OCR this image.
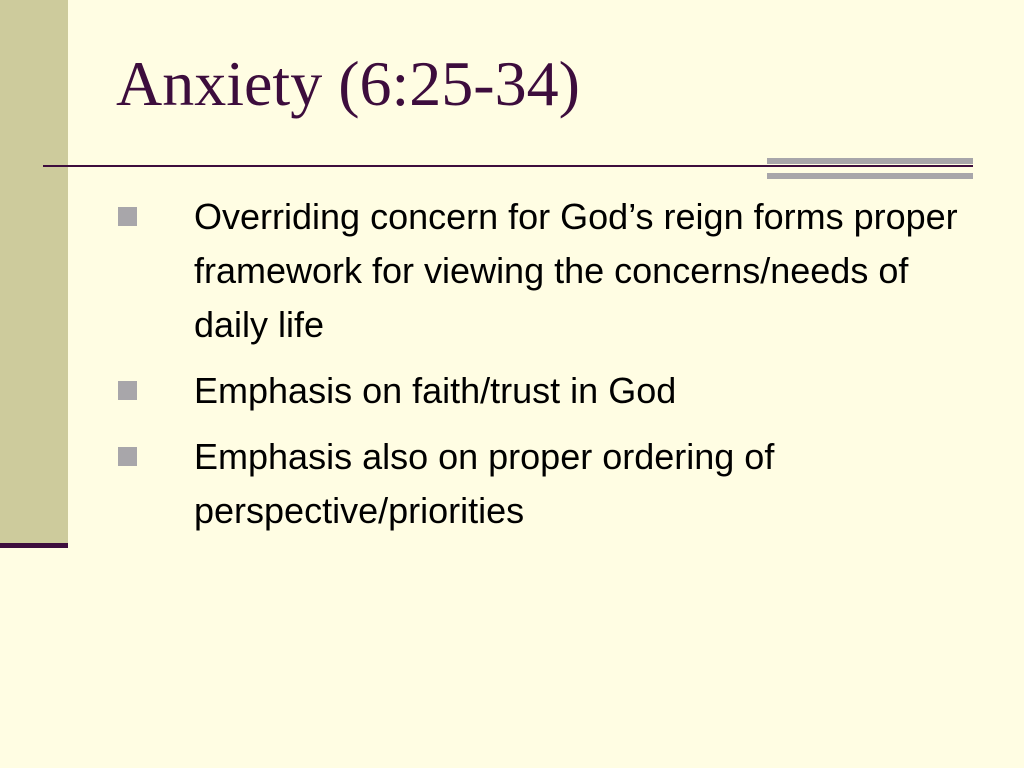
Anxiety (6:25-34)
Overriding concern for God’s reign forms proper framework for viewing the concerns/needs of daily life
Emphasis on faith/trust in God
Emphasis also on proper ordering of perspective/priorities
